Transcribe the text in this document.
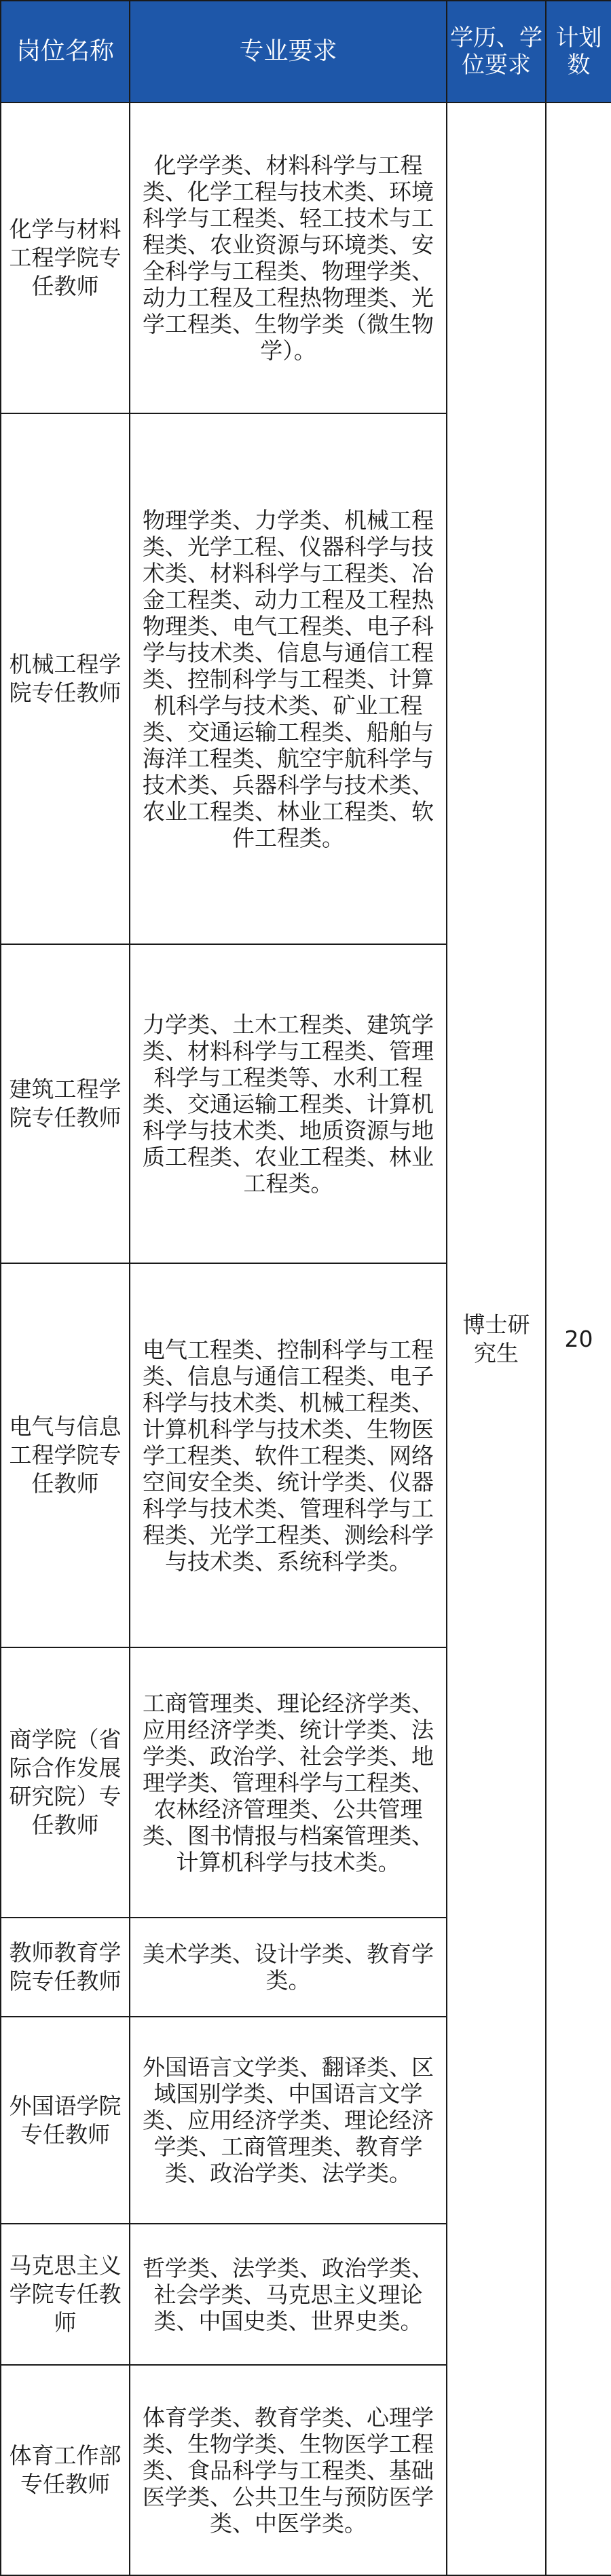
岗位名称	专业要求	学历、学位要求	计划数

化学与材料工程学院专任教师	化学学类、材料科学与工程类、化学工程与技术类、环境科学与工程类、轻工技术与工程类、农业资源与环境类、安全科学与工程类、物理学类、动力工程及工程热物理类、光学工程类、生物学类（微生物学）。	博士研究生	20
机械工程学院专任教师	物理学类、力学类、机械工程类、光学工程、仪器科学与技术类、材料科学与工程类、冶金工程类、动力工程及工程热物理类、电气工程类、电子科学与技术类、信息与通信工程类、控制科学与工程类、计算机科学与技术类、矿业工程类、交通运输工程类、船舶与海洋工程类、航空宇航科学与技术类、兵器科学与技术类、农业工程类、林业工程类、软件工程类。		
建筑工程学院专任教师	力学类、土木工程类、建筑学类、材料科学与工程类、管理科学与工程类等、水利工程类、交通运输工程类、计算机科学与技术类、地质资源与地质工程类、农业工程类、林业工程类。		
电气与信息工程学院专任教师	电气工程类、控制科学与工程类、信息与通信工程类、电子科学与技术类、机械工程类、计算机科学与技术类、生物医学工程类、软件工程类、网络空间安全类、统计学类、仪器科学与技术类、管理科学与工程类、光学工程类、测绘科学与技术类、系统科学类。		
商学院（省际合作发展研究院）专任教师	工商管理类、理论经济学类、应用经济学类、统计学类、法学类、政治学、社会学类、地理学类、管理科学与工程类、农林经济管理类、公共管理类、图书情报与档案管理类、计算机科学与技术类。		
教师教育学院专任教师	美术学类、设计学类、教育学类。		
外国语学院专任教师	外国语言文学类、翻译类、区域国别学类、中国语言文学类、应用经济学类、理论经济学类、工商管理类、教育学类、政治学类、法学类。		
马克思主义学院专任教师	哲学类、法学类、政治学类、社会学类、马克思主义理论类、中国史类、世界史类。		
体育工作部专任教师	体育学类、教育学类、心理学类、生物学类、生物医学工程类、食品科学与工程类、基础医学类、公共卫生与预防医学类、中医学类。		
